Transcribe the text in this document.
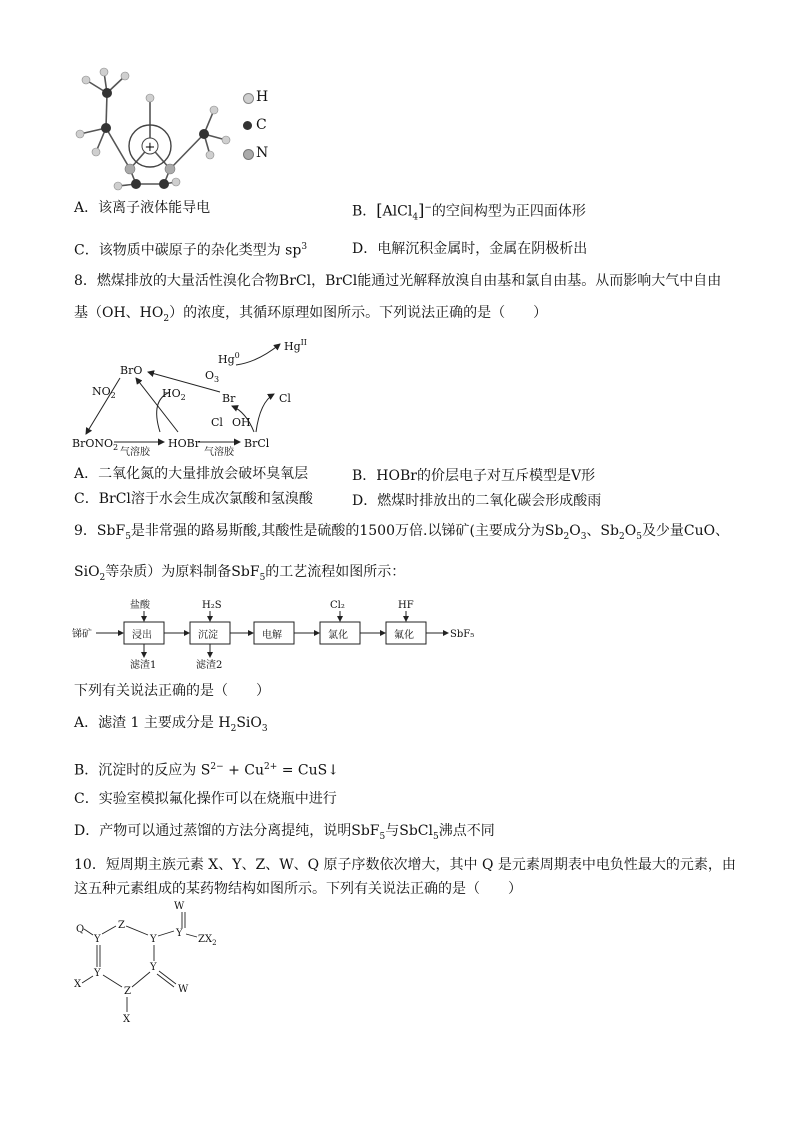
+
H
C
N
A．该离子液体能导电	B．[AlCl$_4$]−的空间构型为正四面体形
C．该物质中碳原子的杂化类型为 $sp^3$	D．电解沉积金属时，金属在阴极析出
8．燃煤排放的大量活性溴化合物BrCl，BrCl能通过光解释放溴自由基和氯自由基。从而影响大气中自由
基（OH、$HO_2$）的浓度，其循环原理如图所示。下列说法正确的是（　　）
BrO
$NO_2$
BrONO$_2$	HOBr
$HO_2$
$O_3$
Br
Hg$^0$
$Hg^{II}$
Cl
Cl OH
BrCl
气溶胶	气溶胶
A．二氧化氮的大量排放会破坏臭氧层	B．HOBr的价层电子对互斥模型是V形
C．BrCl溶于水会生成次氯酸和氢溴酸	D．燃煤时排放出的二氧化碳会形成酸雨
9．SbF$_5$是非常强的路易斯酸,其酸性是硫酸的1500万倍.以锑矿(主要成分为$Sb_2O_3$、$Sb_2O_5$及少量CuO、
SiO$_2$等杂质）为原料制备SbF$_5$的工艺流程如图所示：
锑矿
盐酸
浸出
滤渣1
H₂S
沉淀
滤渣2
电解
Cl₂
氯化
HF
氟化	SbF₅
下列有关说法正确的是（　　）
A．滤渣 1 主要成分是 $H_2SiO_3$
B．沉淀时的反应为 $S^{2-} + Cu^{2+}$ = CuS↓
C．实验室模拟氟化操作可以在烧瓶中进行
D．产物可以通过蒸馏的方法分离提纯，说明SbF$_5$与SbCl$_5$沸点不同
10．短周期主族元素 X、Y、Z、W、Q 原子序数依次增大，其中 Q 是元素周期表中电负性最大的元素，由
这五种元素组成的某药物结构如图所示。下列有关说法正确的是（　　）
Q
Y
Z
Y
Y
W
$ZX_2$
Y
X
Z
Y
W
X
